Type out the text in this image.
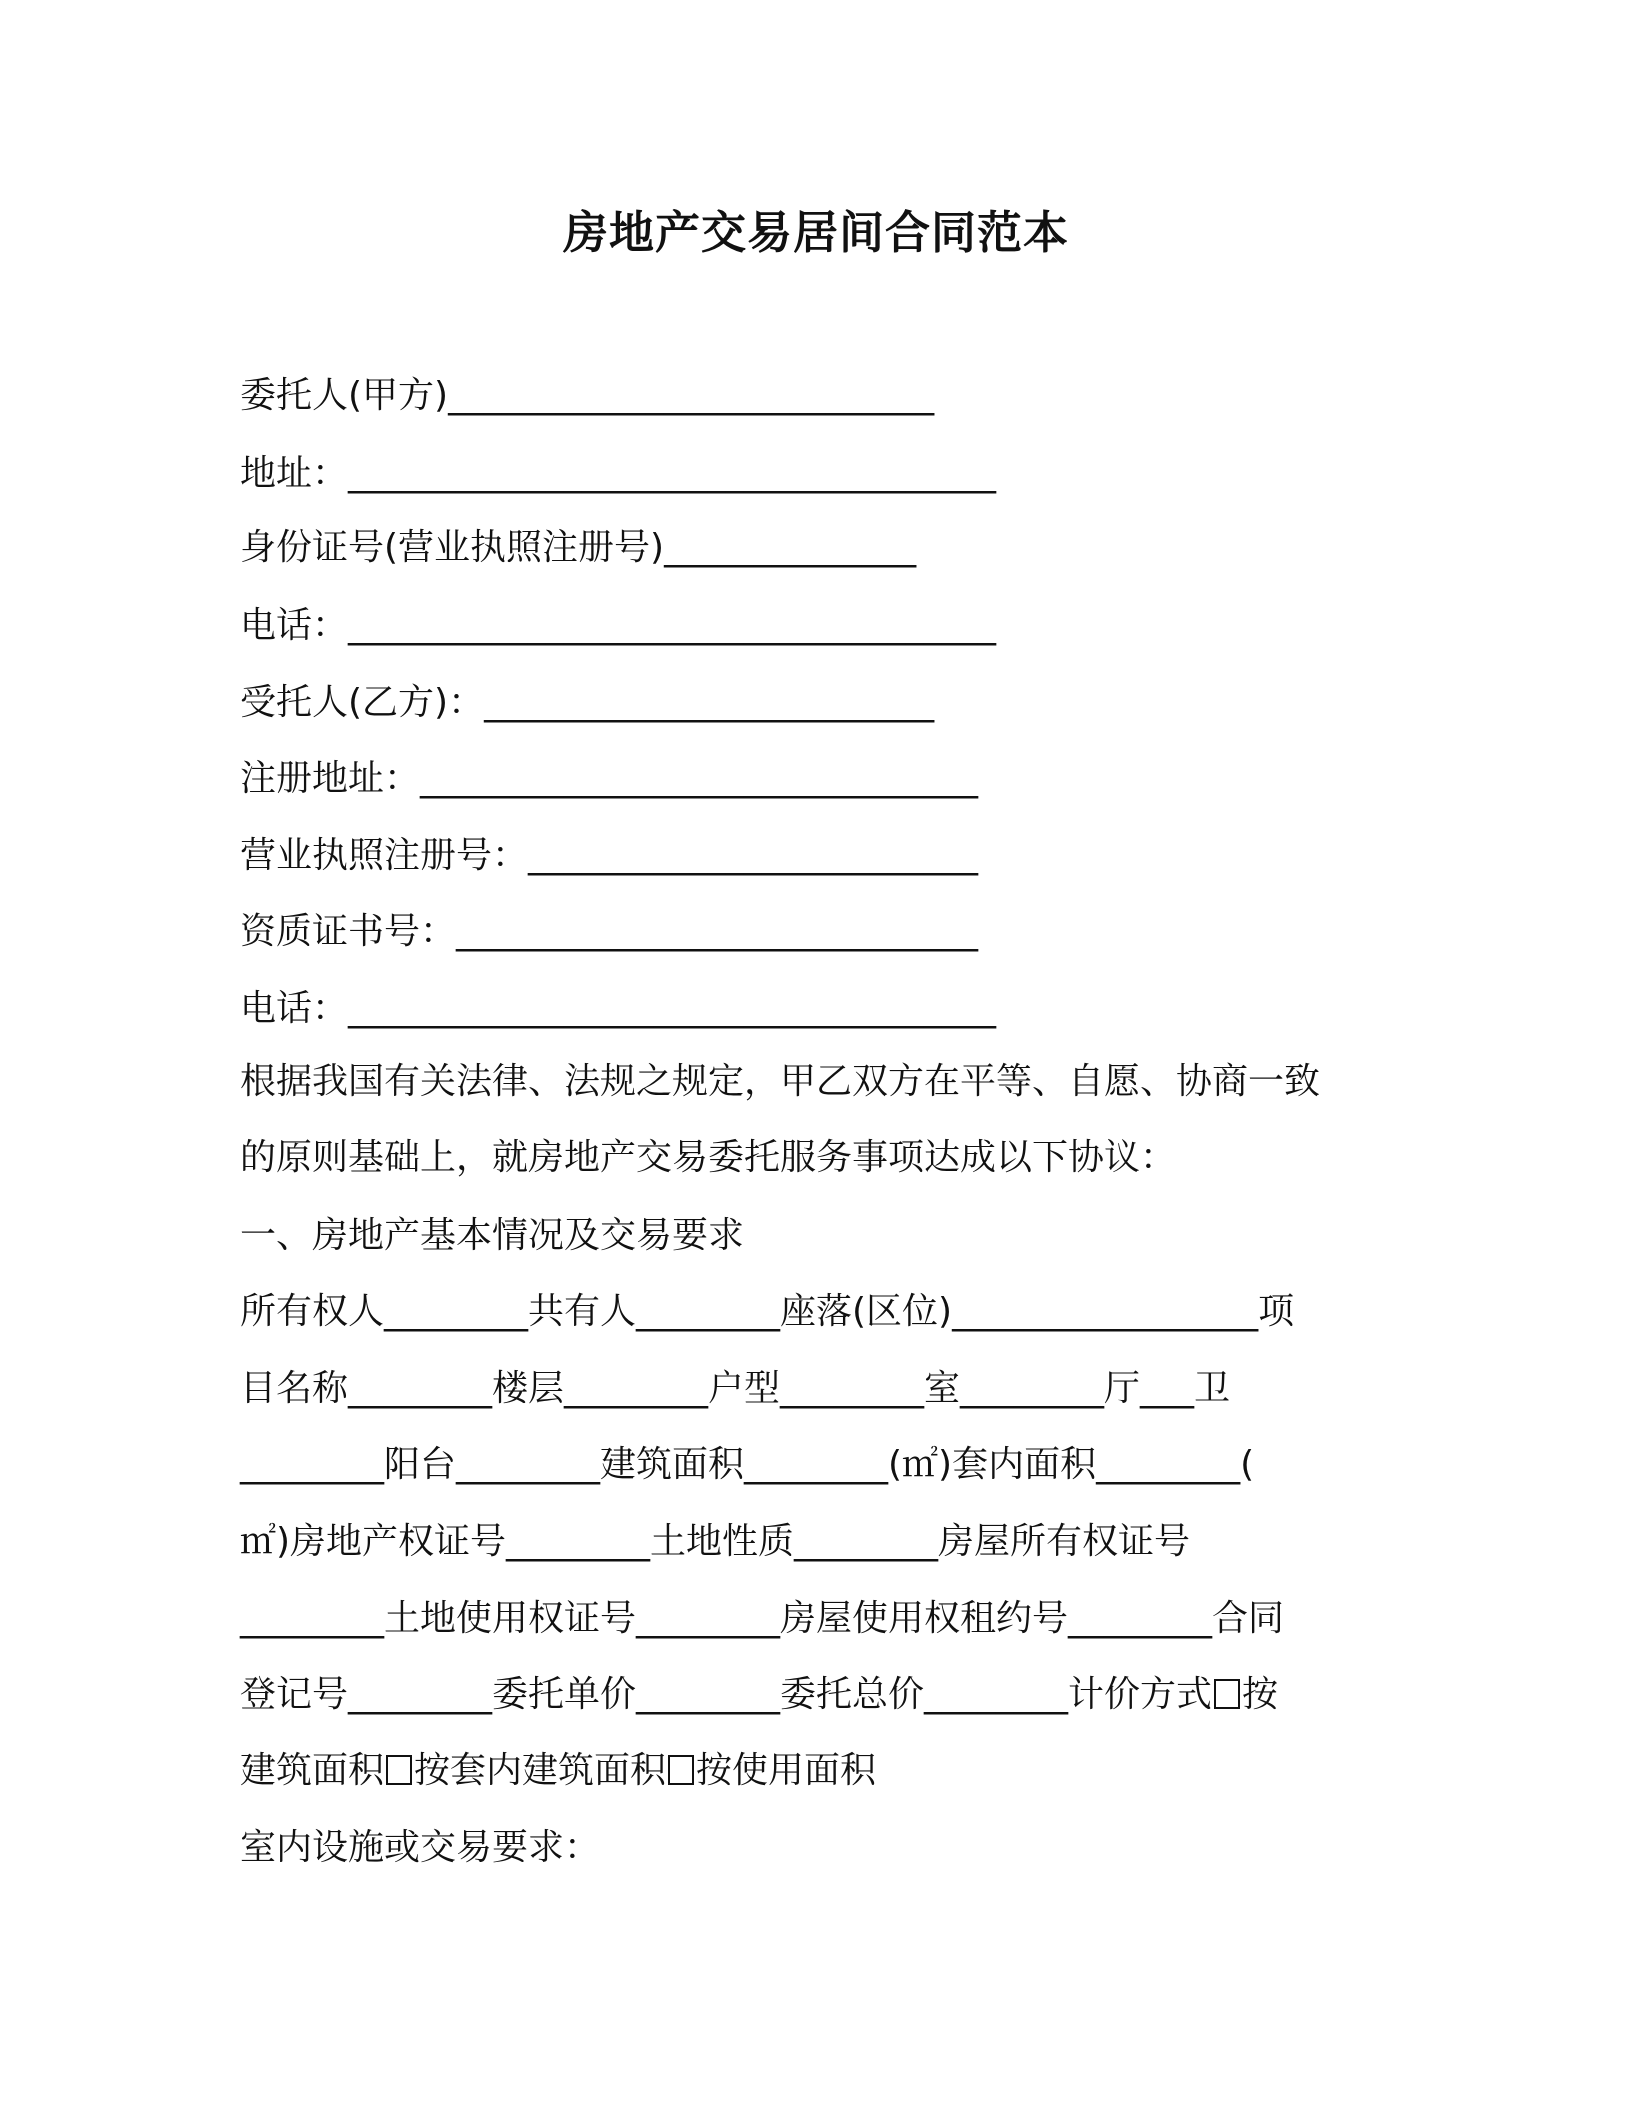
房地产交易居间合同范本
委托人(甲方)___________________________
地址：____________________________________
身份证号(营业执照注册号)______________
电话：____________________________________
受托人(乙方)：_________________________
注册地址：_______________________________
营业执照注册号：_________________________
资质证书号：_____________________________
电话：____________________________________
根据我国有关法律、法规之规定，甲乙双方在平等、自愿、协商一致
的原则基础上，就房地产交易委托服务事项达成以下协议：
一、房地产基本情况及交易要求
所有权人________共有人________座落(区位)_________________项
目名称________楼层________户型________室________厅___卫
________阳台________建筑面积________(㎡)套内面积________(
㎡)房地产权证号________土地性质________房屋所有权证号
________土地使用权证号________房屋使用权租约号________合同
登记号________委托单价________委托总价________计价方式 按
建筑面积 按套内建筑面积 按使用面积
室内设施或交易要求：
